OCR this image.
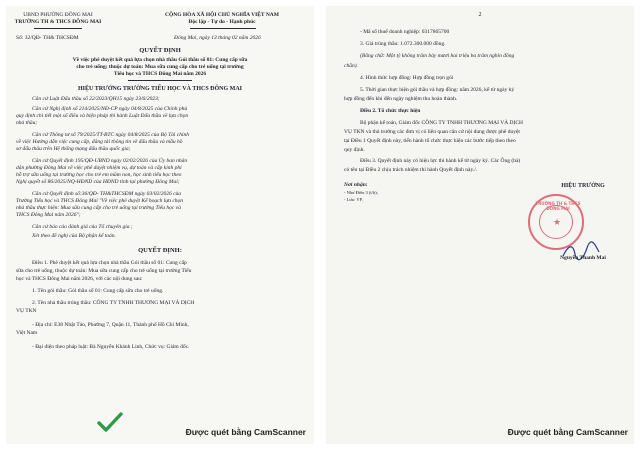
UBND PHƯỜNG ĐÔNG MAI
TRƯỜNG TH & THCS ĐÔNG MAI
CỘNG HÒA XÃ HỘI CHỦ NGHĨA VIỆT NAM
Độc lập - Tự do - Hạnh phúc
Số: 32/QĐ- TH& THCSĐM	Đông Mai, ngày 13 tháng 02 năm 2026
QUYẾT ĐỊNH
Về việc phê duyệt kết quả lựa chọn nhà thầu Gói thầu số 01: Cung cấp sữa
cho trẻ uống; thuộc dự toán: Mua sữa cung cấp cho trẻ uống tại trường
Tiểu học và THCS Đông Mai năm 2026
HIỆU TRƯỞNG TRƯỜNG TIỂU HỌC VÀ THCS ĐÔNG MAI
Căn cứ Luật Đấu thầu số 22/2023/QH15 ngày 23/6/2023;
Căn cứ Nghị định số 214/2025/NĐ-CP ngày 04/8/2025 của Chính phủ
quy định chi tiết một số điều và biện pháp thi hành Luật Đấu thầu về lựa chọn
nhà thầu;
Căn cứ Thông tư số 79/2025/TT-BTC ngày 04/8/2025 của Bộ Tài chính
về việc Hướng dẫn việc cung cấp, đăng tải thông tin về đấu thầu và mẫu hồ
sơ đấu thầu trên Hệ thống mạng đấu thầu quốc gia;
Căn cứ Quyết định 195/QĐ-UBND ngày 02/02/2026 của Ủy ban nhân
dân phường Đông Mai về việc phê duyệt nhiệm vụ, dự toán và cấp kinh phí
hỗ trợ sữa uống tại trường học cho trẻ em mầm non, học sinh tiểu học theo
Nghị quyết số 86/2025/NQ-HĐND của HĐND tỉnh tại phường Đông Mai;
Căn cứ Quyết định số:36/QĐ- TH&THCSĐM ngày 03/02/2026 của
Trường Tiểu học và THCS Đông Mai "Về việc phê duyệt Kế hoạch lựa chọn
nhà thầu thực hiện: Mua sữa cung cấp cho trẻ uống tại trường Tiểu học và
THCS Đông Mai năm 2026";
Căn cứ báo cáo đánh giá của Tổ chuyên gia ;
Xét theo đề nghị của Bộ phận kế toán.
QUYẾT ĐỊNH:
Điều 1. Phê duyệt kết quả lựa chọn nhà thầu Gói thầu số 01: Cung cấp
sữa cho trẻ uống, thuộc dự toán: Mua sữa cung cấp cho trẻ uống tại trường Tiểu
học và THCS Đông Mai năm 2026, với các nội dung sau:
1. Tên gói thầu: Gói thầu số 01: Cung cấp sữa cho trẻ uống.
2. Tên nhà thầu trúng thầu: CÔNG TY TNHH THƯƠNG MẠI VÀ DỊCH
VỤ TKN
- Địa chỉ: E38 Nhật Tảo, Phường 7, Quận 11, Thành phố Hồ Chí Minh,
Việt Nam
- Đại diện theo pháp luật: Bà Nguyễn Khánh Linh, Chức vụ: Giám đốc.
Được quét bằng CamScanner
2
- Mã số thuế doanh nghiệp: 0317865700
3. Giá trúng thầu: 1.072.300.000 đồng.
(Bằng chữ: Một tỷ không trăm bảy mươi hai triệu ba trăm nghìn đồng
chẵn).
4. Hình thức hợp đồng: Hợp đồng trọn gói
5. Thời gian thực hiện gói thầu và hợp đồng: năm 2026, kể từ ngày ký
hợp đồng đến khi đến ngày nghiệm thu hoàn thành.
Điều 2. Tổ chức thực hiện
Bộ phận kế toán, Giám đốc CÔNG TY TNHH THƯƠNG MẠI VÀ DỊCH
VỤ TKN và thủ trưởng các đơn vị có liên quan căn cứ nội dung được phê duyệt
tại Điều 1 Quyết định này, tiến hành tổ chức thực hiện các bước tiếp theo theo
quy định.
Điều 3. Quyết định này có hiệu lực thi hành kể từ ngày ký. Các Ông (bà)
có tên tại Điều 2 chịu trách nhiệm thi hành Quyết định này./.
Nơi nhận:
- Như Điều 3 (t/h);
- Lưu: VP.
HIỆU TRƯỞNG
TRƯỜNG TH & THCS ĐÔNG MAI
★
Nguyễn Thanh Mai
Được quét bằng CamScanner
